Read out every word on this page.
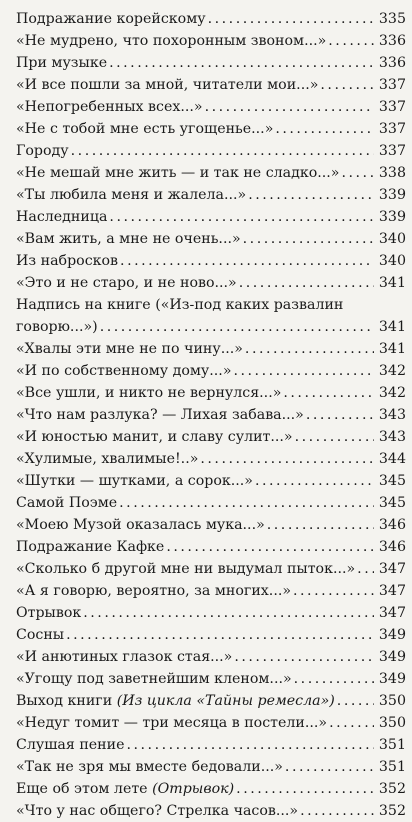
Подражание корейскому . . .	335
«Не мудрено, что похоронным звоном...» . . .	336
При музыке . . .	336
«И все пошли за мной, читатели мои...» . . .	337
«Непогребенных всех...» . . .	337
«Не с тобой мне есть угощенье...» . . .	337
Городу . . .	337
«Не мешай мне жить — и так не сладко...» . . .	338
«Ты любила меня и жалела...» . . .	339
Наследница . . .	339
«Вам жить, а мне не очень...» . . .	340
Из набросков . . .	340
«Это и не старо, и не ново...» . . .	341
Надпись на книге («Из-под каких развалин
говорю...») . . .	341
«Хвалы эти мне не по чину...» . . .	341
«И по собственному дому...» . . .	342
«Все ушли, и никто не вернулся...» . . .	342
«Что нам разлука? — Лихая забава...» . . .	343
«И юностью манит, и славу сулит...» . . .	343
«Хулимые, хвалимые!..» . . .	344
«Шутки — шутками, а сорок...» . . .	345
Самой Поэме . . .	345
«Моею Музой оказалась мука...» . . .	346
Подражание Кафке . . .	346
«Сколько б другой мне ни выдумал пыток...» . . . 347
«А я говорю, вероятно, за многих...» . . .	347
Отрывок . . .	347
Сосны . . .	349
«И анютиных глазок стая...» . . .	349
«Угощу под заветнейшим кленом...» . . .	349
Выход книги (Из цикла «Тайны ремесла») . . .	350
«Недуг томит — три месяца в постели...» . . .	350
Слушая пение . . .	351
«Так не зря мы вместе бедовали...» . . .	351
Еще об этом лете (Отрывок) . . .	352
«Что у нас общего? Стрелка часов...» . . .	352
